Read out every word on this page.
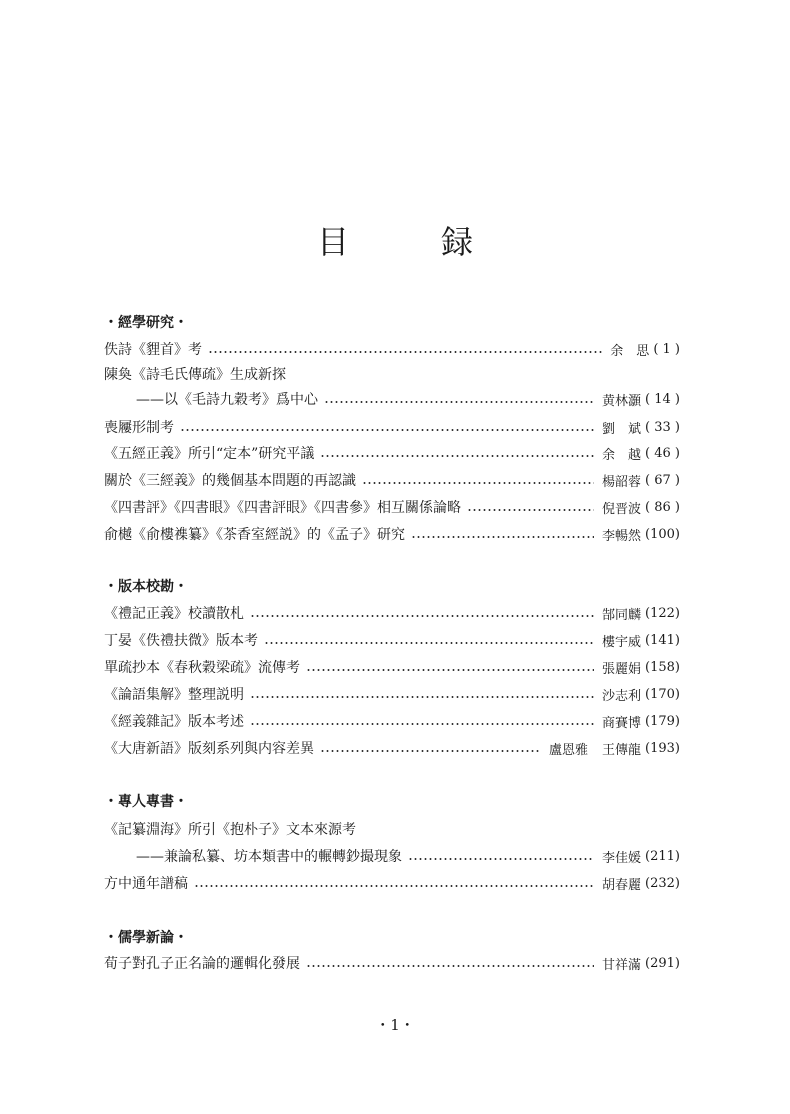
目　録
・經學研究・
佚詩《貍首》考	余　思 ( 1 )
陳奐《詩毛氏傳疏》生成新探
——以《毛詩九穀考》爲中心	黄林灝 ( 14 )
喪屨形制考	劉　斌 ( 33 )
《五經正義》所引“定本”研究平議	余　越 ( 46 )
關於《三經義》的幾個基本問題的再認識	楊韶蓉 ( 67 )
《四書評》《四書眼》《四書評眼》《四書參》相互關係論略	倪晋波 ( 86 )
俞樾《俞樓襍纂》《茶香室經説》的《孟子》研究	李暢然 (100)
・版本校勘・
《禮記正義》校讀散札	郜同麟 (122)
丁晏《佚禮扶微》版本考	樓宇威 (141)
單疏抄本《春秋穀梁疏》流傳考	張麗娟 (158)
《論語集解》整理説明	沙志利 (170)
《經義雜記》版本考述	商賽博 (179)
《大唐新語》版刻系列與内容差異	盧恩雅 王傳龍 (193)
・專人專書・
《記纂淵海》所引《抱朴子》文本來源考
——兼論私纂、坊本類書中的輾轉鈔撮現象	李佳媛 (211)
方中通年譜稿	胡春麗 (232)
・儒學新論・
荀子對孔子正名論的邏輯化發展	甘祥滿 (291)
・1・
